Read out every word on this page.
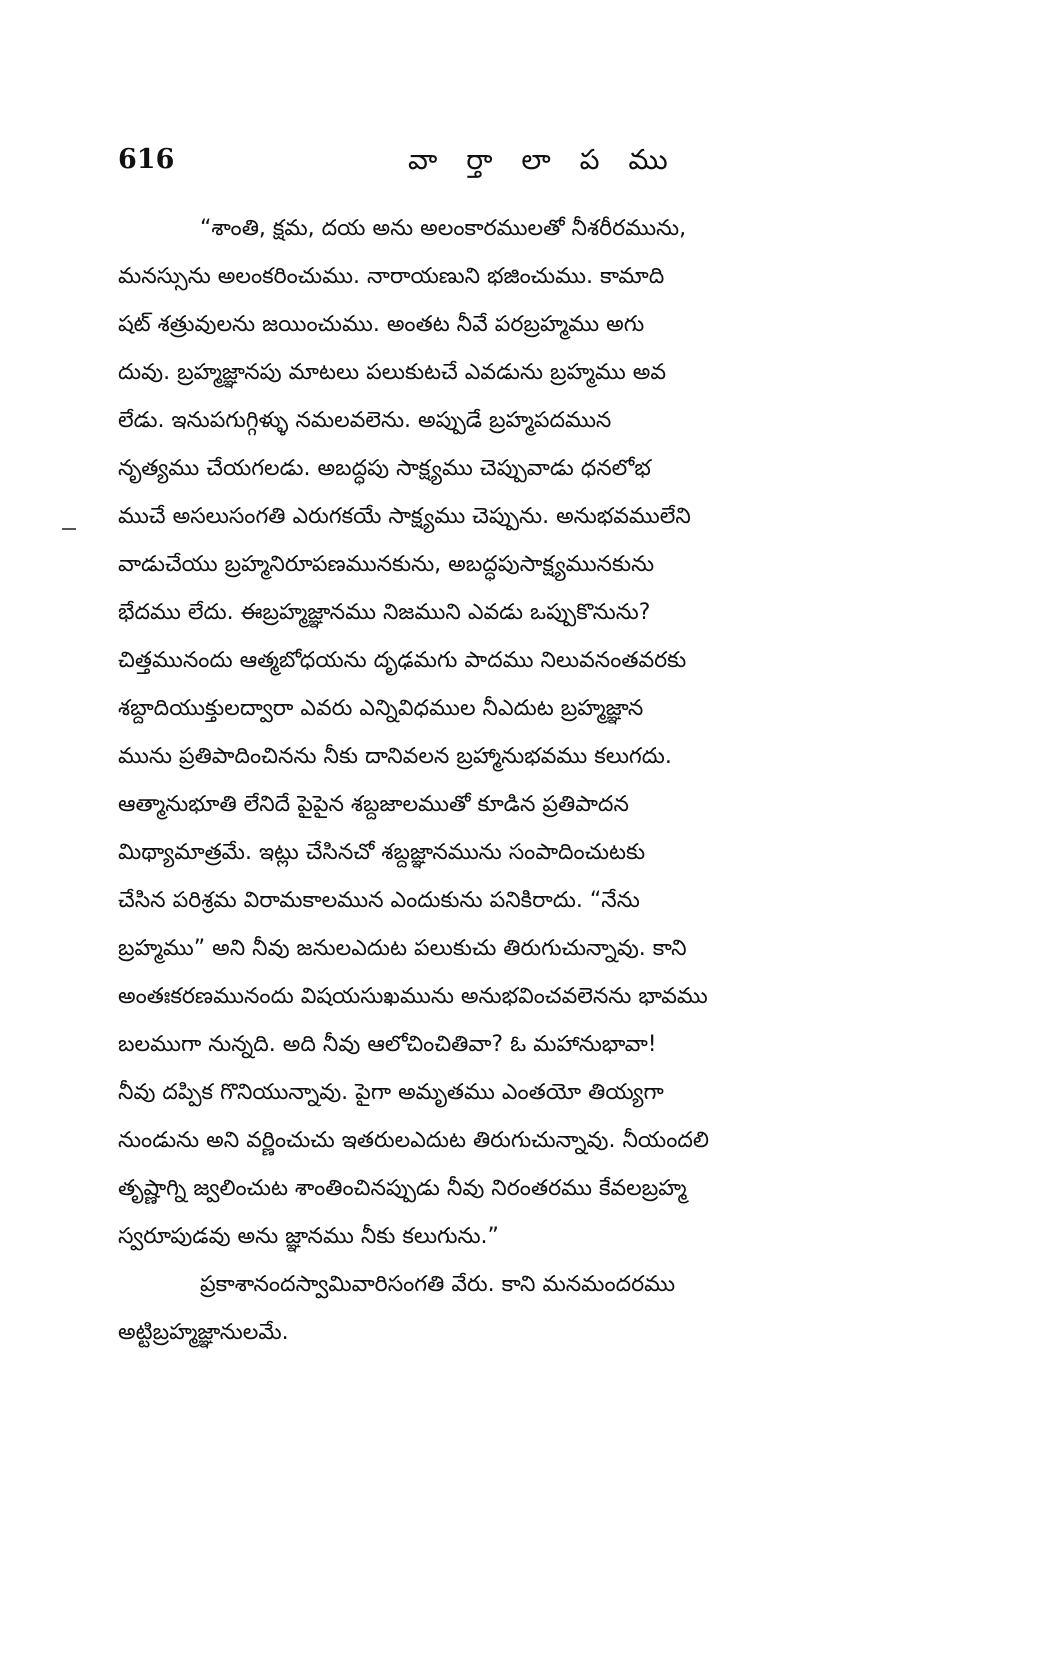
616	వా ర్తా లా ప ము
“శాంతి, క్షమ, దయ అను అలంకారములతో నీశరీరమును,
మనస్సును అలంకరించుము. నారాయణుని భజించుము. కామాది
షట్ శత్రువులను జయించుము. అంతట నీవే పరబ్రహ్మము అగు
దువు. బ్రహ్మజ్ఞానపు మాటలు పలుకుటచే ఎవడును బ్రహ్మము అవ
లేడు. ఇనుపగుగ్గిళ్ళు నమలవలెను. అప్పుడే బ్రహ్మపదమున
నృత్యము చేయగలడు. అబద్ధపు సాక్ష్యము చెప్పువాడు ధనలోభ
ముచే అసలుసంగతి ఎరుగకయే సాక్ష్యము చెప్పును. అనుభవములేని
వాడుచేయు బ్రహ్మనిరూపణమునకును, అబద్ధపుసాక్ష్యమునకును
భేదము లేదు. ఈబ్రహ్మజ్ఞానము నిజముని ఎవడు ఒప్పుకొనును?
చిత్తమునందు ఆత్మబోధయను దృఢమగు పాదము నిలువనంతవరకు
శబ్దాదియుక్తులద్వారా ఎవరు ఎన్నివిధముల నీఎదుట బ్రహ్మజ్ఞాన
మును ప్రతిపాదించినను నీకు దానివలన బ్రహ్మానుభవము కలుగదు.
ఆత్మానుభూతి లేనిదే పైపైన శబ్దజాలముతో కూడిన ప్రతిపాదన
మిథ్యామాత్రమే. ఇట్లు చేసినచో శబ్దజ్ఞానమును సంపాదించుటకు
చేసిన పరిశ్రమ విరామకాలమున ఎందుకును పనికిరాదు. “నేను
బ్రహ్మము” అని నీవు జనులఎదుట పలుకుచు తిరుగుచున్నావు. కాని
అంతఃకరణమునందు విషయసుఖమును అనుభవించవలెనను భావము
బలముగా నున్నది. అది నీవు ఆలోచించితివా? ఓ మహానుభావా!
నీవు దప్పిక గొనియున్నావు. పైగా అమృతము ఎంతయో తియ్యగా
నుండును అని వర్ణించుచు ఇతరులఎదుట తిరుగుచున్నావు. నీయందలి
తృష్ణాగ్ని జ్వలించుట శాంతించినప్పుడు నీవు నిరంతరము కేవలబ్రహ్మ
స్వరూపుడవు అను జ్ఞానము నీకు కలుగును.”
ప్రకాశానందస్వామివారిసంగతి వేరు. కాని మనమందరము
అట్టిబ్రహ్మజ్ఞానులమే.
